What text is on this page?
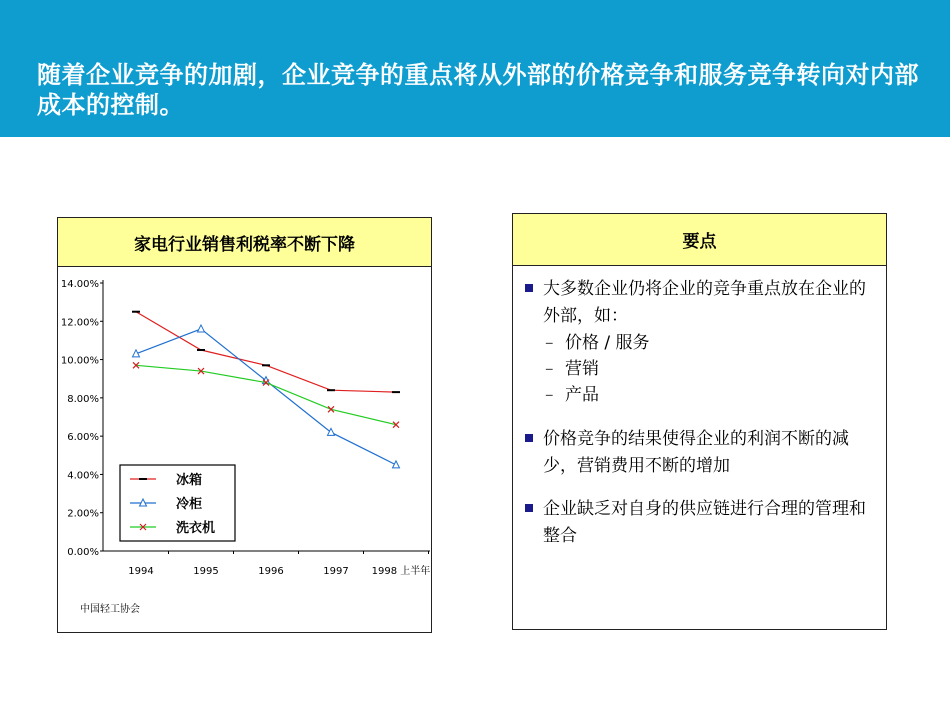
随着企业竞争的加剧，企业竞争的重点将从外部的价格竞争和服务竞争转向对内部成本的控制。
家电行业销售利税率不断下降
0.00%
2.00%
4.00%
6.00%
8.00%
10.00%
12.00%
14.00%
1994	1995	1996	1997 1998 上半年
冰箱
冷柜
洗衣机
中国轻工协会
要点
大多数企业仍将企业的竞争重点放在企业的外部，如：
– 价格 / 服务
– 营销
– 产品
价格竞争的结果使得企业的利润不断的减少，营销费用不断的增加
企业缺乏对自身的供应链进行合理的管理和整合
